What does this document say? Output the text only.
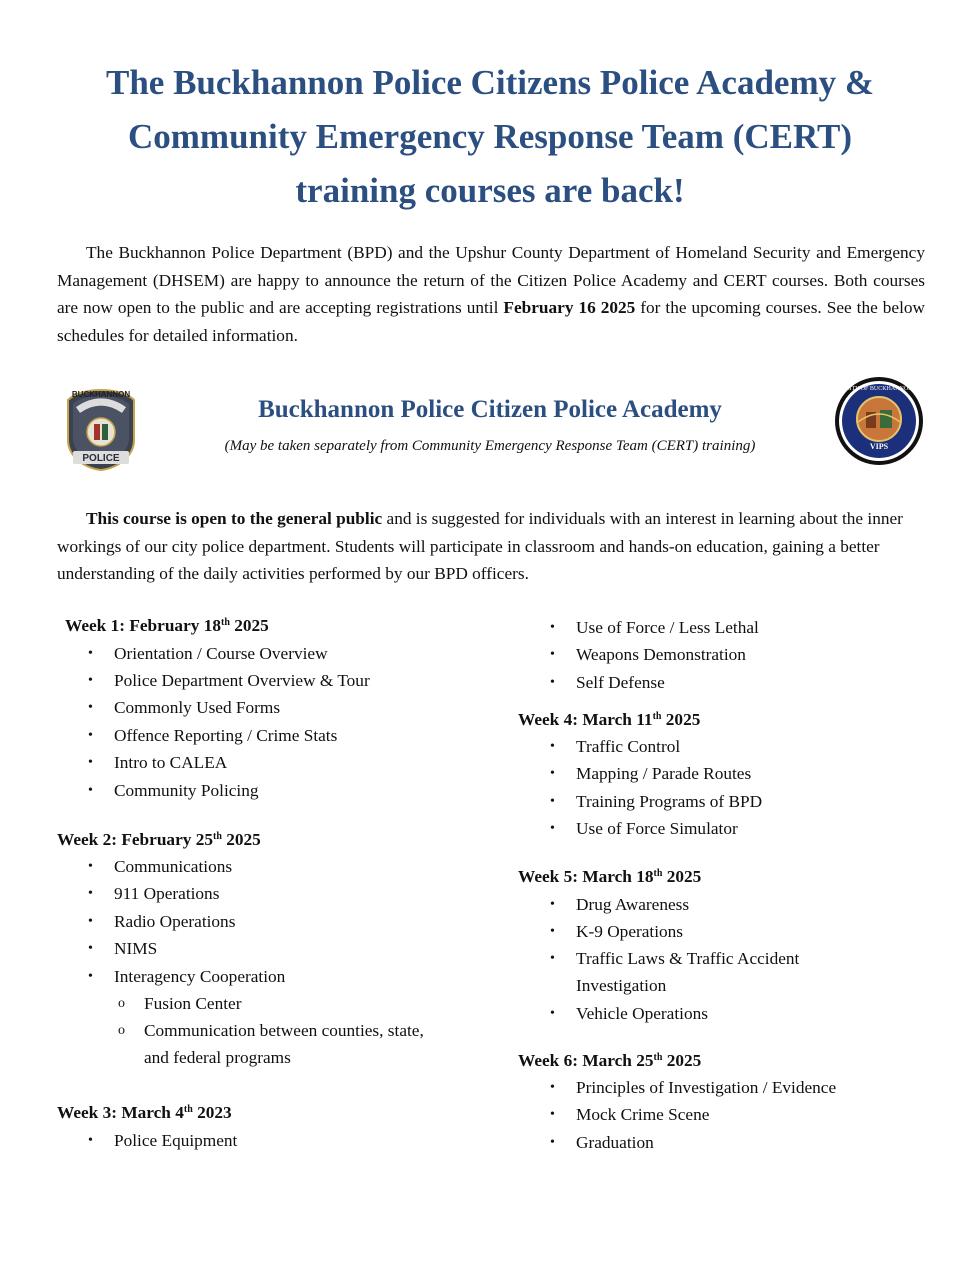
The Buckhannon Police Citizens Police Academy &
Community Emergency Response Team (CERT)
training courses are back!

The Buckhannon Police Department (BPD) and the Upshur County Department of Homeland Security and Emergency Management (DHSEM) are happy to announce the return of the Citizen Police Academy and CERT courses. Both courses are now open to the public and are accepting registrations until February 16 2025 for the upcoming courses. See the below schedules for detailed information.

BUCKHANNON
POLICE
Buckhannon Police Citizen Police Academy

(May be taken separately from Community Emergency Response Team (CERT) training)

CITY OF BUCKHANNON
VIPS

This course is open to the general public and is suggested for individuals with an interest in learning about the inner workings of our city police department. Students will participate in classroom and hands-on education, gaining a better understanding of the daily activities performed by our BPD officers.

Week 1: February 18th 2025
• Orientation / Course Overview
• Police Department Overview & Tour
• Commonly Used Forms
• Offence Reporting / Crime Stats
• Intro to CALEA
• Community Policing
Week 2: February 25th 2025
• Communications
• 911 Operations
• Radio Operations
• NIMS
• Interagency Cooperation
o Fusion Center
o Communication between counties, state,
and federal programs
Week 3: March 4th 2023
• Police Equipment
• Use of Force / Less Lethal
• Weapons Demonstration
• Self Defense
Week 4: March 11th 2025
• Traffic Control
• Mapping / Parade Routes
• Training Programs of BPD
• Use of Force Simulator
Week 5: March 18th 2025
• Drug Awareness
• K-9 Operations
• Traffic Laws & Traffic Accident
Investigation
• Vehicle Operations
Week 6: March 25th 2025
• Principles of Investigation / Evidence
• Mock Crime Scene
• Graduation
